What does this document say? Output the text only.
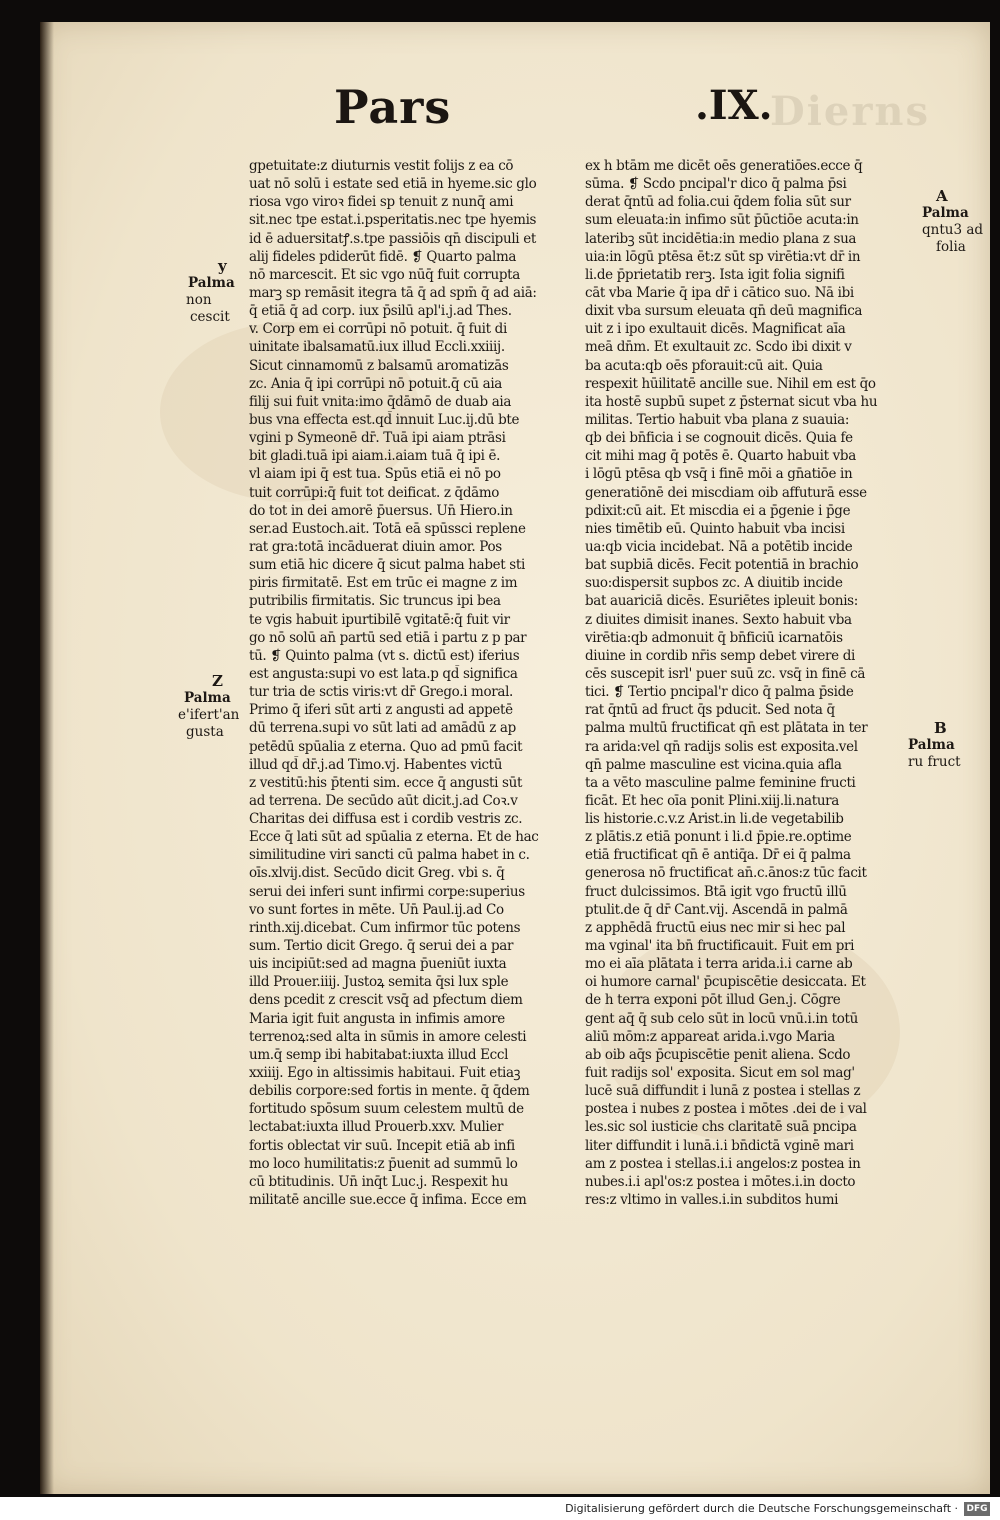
Dierns
Pars	.IX.
y
Palma
non
cescit
Z
Palma
e'ifert'an
gusta
A
Palma
qntu3 ad
folia
B
Palma
ru fruct
gpetuitate:z diuturnis vestit folijs z ea cō
uat nō solū i estate sed etiā in hyeme.sic glo
riosa vgo viroꝛ fidei sp tenuit z nunq̄ ami
sit.nec tpe estat.i.psperitatis.nec tpe hyemis
id ē aduersitatꝭ.s.tpe passiōis qn̄ discipuli et
alij fideles pdiderūt fidē. ❡ Quarto palma
nō marcescit. Et sic vgo nūq̄ fuit corrupta
marꝫ sp remāsit itegra tā q̄ ad spm̄ q̄ ad aiā:
q̄ etiā q̄ ad corp. iux p̄silū apl'i.j.ad Thes.
v. Corp em ei corrūpi nō potuit. q̄ fuit di
uinitate ibalsamatū.iux illud Eccli.xxiiij.
Sicut cinnamomū z balsamū aromatizās
zc. Ania q̄ ipi corrūpi nō potuit.q̄ cū aia
filij sui fuit vnita:imo q̄dāmō de duab aia
bus vna effecta est.qd̄ innuit Luc.ij.dū bte
vgini p Symeonē dr̄. Tuā ipi aiam ptrāsi
bit gladi.tuā ipi aiam.i.aiam tuā q̄ ipi ē.
vl aiam ipi q̄ est tua. Spūs etiā ei nō po
tuit corrūpi:q̄ fuit tot deificat. z q̄dāmo
do tot in dei amorē p̄uersus. Un̄ Hiero.in
ser.ad Eustoch.ait. Totā eā spūssci replene
rat gra:totā incāduerat diuin amor. Pos
sum etiā hic dicere q̄ sicut palma habet sti
piris firmitatē. Est em trūc ei magne z im
putribilis firmitatis. Sic truncus ipi bea
te vgis habuit ipurtibilē vgitatē:q̄ fuit vir
go nō solū an̄ partū sed etiā i partu z p par
tū. ❡ Quinto palma (vt s. dictū est) iferius
est angusta:supi vo est lata.p qd̄ significa
tur tria de sctis viris:vt dr̄ Grego.i moral.
Primo q̄ iferi sūt arti z angusti ad appetē
dū terrena.supi vo sūt lati ad amādū z ap
petēdū spūalia z eterna. Quo ad pmū facit
illud qd̄ dr̄.j.ad Timo.vj. Habentes victū
z vestitū:his p̄tenti sim. ecce q̄ angusti sūt
ad terrena. De secūdo aūt dicit.j.ad Coꝛ.v
Charitas dei diffusa est i cordib vestris zc.
Ecce q̄ lati sūt ad spūalia z eterna. Et de hac
similitudine viri sancti cū palma habet in c.
oīs.xlvij.dist. Secūdo dicit Greg. vbi s. q̄
serui dei inferi sunt infirmi corpe:superius
vo sunt fortes in mēte. Un̄ Paul.ij.ad Co
rinth.xij.dicebat. Cum infirmor tūc potens
sum. Tertio dicit Grego. q̄ serui dei a par
uis incipiūt:sed ad magna p̄ueniūt iuxta
illd Prouer.iiij. Justoꝝ semita q̄si lux sple
dens pcedit z crescit vsq̄ ad pfectum diem
Maria igit fuit angusta in infimis amore
terrenoꝝ:sed alta in sūmis in amore celesti
um.q̄ semp ibi habitabat:iuxta illud Eccl
xxiiij. Ego in altissimis habitaui. Fuit etiaꝫ
debilis corpore:sed fortis in mente. q̄ q̄dem
fortitudo spōsum suum celestem multū de
lectabat:iuxta illud Prouerb.xxv. Mulier
fortis oblectat vir suū. Incepit etiā ab infi
mo loco humilitatis:z p̄uenit ad summū lo
cū btitudinis. Un̄ inq̄t Luc.j. Respexit hu
militatē ancille sue.ecce q̄ infima. Ecce em
ex h btām me dicēt oēs generatiōes.ecce q̄
sūma. ❡ Scdo pncipal'r dico q̄ palma p̄si
derat q̄ntū ad folia.cui q̄dem folia sūt sur
sum eleuata:in infimo sūt p̄ūctiōe acuta:in
lateribꝫ sūt incidētia:in medio plana z sua
uia:in lōgū ptēsa ēt:z sūt sp virētia:vt dr̄ in
li.de p̄prietatib rerꝫ. Ista igit folia signifi
cāt vba Marie q̄ ipa dr̄ i cātico suo. Nā ibi
dixit vba sursum eleuata qn̄ deū magnifica
uit z i ipo exultauit dicēs. Magnificat aīa
meā dn̄m. Et exultauit zc. Scdo ibi dixit v
ba acuta:qb oēs pforauit:cū ait. Quia
respexit hūilitatē ancille sue. Nihil em est q̄o
ita hostē supbū supet z p̄sternat sicut vba hu
militas. Tertio habuit vba plana z suauia:
qb dei bn̄ficia i se cognouit dicēs. Quia fe
cit mihi mag q̄ potēs ē. Quarto habuit vba
i lōgū ptēsa qb vsq̄ i finē mōi a gn̄atiōe in
generatiōnē dei miscdiam oib affuturā esse
pdixit:cū ait. Et miscdia ei a p̄genie i p̄ge
nies timētib eū. Quinto habuit vba incisi
ua:qb vicia incidebat. Nā a potētib incide
bat supbiā dicēs. Fecit potentiā in brachio
suo:dispersit supbos zc. A diuitib incide
bat auariciā dicēs. Esuriētes ipleuit bonis:
z diuites dimisit inanes. Sexto habuit vba
virētia:qb admonuit q̄ bn̄ficiū icarnatōis
diuine in cordib nr̄is semp debet virere di
cēs suscepit isrl' puer suū zc. vsq̄ in finē cā
tici. ❡ Tertio pncipal'r dico q̄ palma p̄side
rat q̄ntū ad fruct q̄s pducit. Sed nota q̄
palma multū fructificat qn̄ est plātata in ter
ra arida:vel qn̄ radijs solis est exposita.vel
qn̄ palme masculine est vicina.quia afla
ta a vēto masculine palme feminine fructi
ficāt. Et hec oīa ponit Plini.xiij.li.natura
lis historie.c.v.z Arist.in li.de vegetabilib
z plātis.z etiā ponunt i li.d p̄pie.re.optime
etiā fructificat qn̄ ē antiq̄a. Dr̄ ei q̄ palma
generosa nō fructificat an̄.c.ānos:z tūc facit
fruct dulcissimos. Btā igit vgo fructū illū
ptulit.de q̄ dr̄ Cant.vij. Ascendā in palmā
z apphēdā fructū eius nec mir si hec pal
ma vginal' ita bn̄ fructificauit. Fuit em pri
mo ei aīa plātata i terra arida.i.i carne ab
oi humore carnal' p̄cupiscētie desiccata. Et
de h terra exponi pōt illud Gen.j. Cōgre
gent aq̄ q̄ sub celo sūt in locū vnū.i.in totū
aliū mōm:z appareat arida.i.vgo Maria
ab oib aq̄s p̄cupiscētie penit aliena. Scdo
fuit radijs sol' exposita. Sicut em sol mag'
lucē suā diffundit i lunā z postea i stellas z
postea i nubes z postea i mōtes .dei de i val
les.sic sol iusticie chs claritatē suā pncipa
liter diffundit i lunā.i.i bn̄dictā vginē mari
am z postea i stellas.i.i angelos:z postea in
nubes.i.i apl'os:z postea i mōtes.i.in docto
res:z vltimo in valles.i.in subditos humi
Digitalisierung gefördert durch die Deutsche Forschungsgemeinschaft · DFG
